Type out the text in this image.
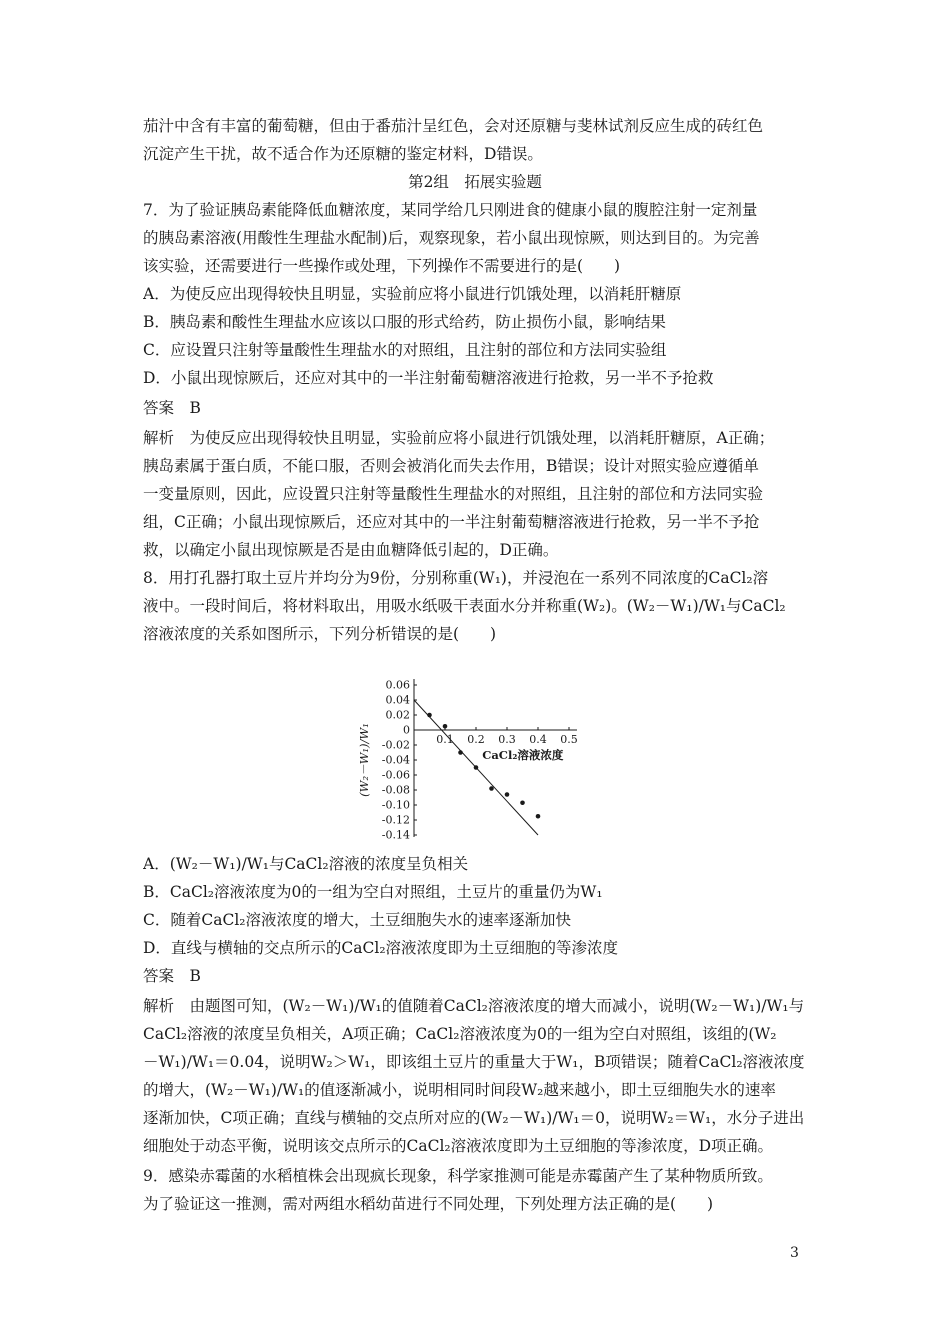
茄汁中含有丰富的葡萄糖，但由于番茄汁呈红色，会对还原糖与斐林试剂反应生成的砖红色
沉淀产生干扰，故不适合作为还原糖的鉴定材料，D错误。
第2组　拓展实验题
7．为了验证胰岛素能降低血糖浓度，某同学给几只刚进食的健康小鼠的腹腔注射一定剂量
的胰岛素溶液(用酸性生理盐水配制)后，观察现象，若小鼠出现惊厥，则达到目的。为完善
该实验，还需要进行一些操作或处理，下列操作不需要进行的是(　　)
A．为使反应出现得较快且明显，实验前应将小鼠进行饥饿处理，以消耗肝糖原
B．胰岛素和酸性生理盐水应该以口服的形式给药，防止损伤小鼠，影响结果
C．应设置只注射等量酸性生理盐水的对照组，且注射的部位和方法同实验组
D．小鼠出现惊厥后，还应对其中的一半注射葡萄糖溶液进行抢救，另一半不予抢救
答案　B
解析　为使反应出现得较快且明显，实验前应将小鼠进行饥饿处理，以消耗肝糖原，A正确；
胰岛素属于蛋白质，不能口服，否则会被消化而失去作用，B错误；设计对照实验应遵循单
一变量原则，因此，应设置只注射等量酸性生理盐水的对照组，且注射的部位和方法同实验
组，C正确；小鼠出现惊厥后，还应对其中的一半注射葡萄糖溶液进行抢救，另一半不予抢
救，以确定小鼠出现惊厥是否是由血糖降低引起的，D正确。
8．用打孔器打取土豆片并均分为9份，分别称重(W₁)，并浸泡在一系列不同浓度的CaCl₂溶
液中。一段时间后，将材料取出，用吸水纸吸干表面水分并称重(W₂)。(W₂－W₁)/W₁与CaCl₂
溶液浓度的关系如图所示，下列分析错误的是(　　)
0.06
0.04
0.02
0
-0.02
-0.04
-0.06
-0.08
-0.10
-0.12
-0.14
0.1 0.2 0.3 0.4 0.5
CaCl₂溶液浓度
(W₂－W₁)/W₁
A．(W₂－W₁)/W₁与CaCl₂溶液的浓度呈负相关
B．CaCl₂溶液浓度为0的一组为空白对照组，土豆片的重量仍为W₁
C．随着CaCl₂溶液浓度的增大，土豆细胞失水的速率逐渐加快
D．直线与横轴的交点所示的CaCl₂溶液浓度即为土豆细胞的等渗浓度
答案　B
解析　由题图可知，(W₂－W₁)/W₁的值随着CaCl₂溶液浓度的增大而减小，说明(W₂－W₁)/W₁与
CaCl₂溶液的浓度呈负相关，A项正确；CaCl₂溶液浓度为0的一组为空白对照组，该组的(W₂
－W₁)/W₁＝0.04，说明W₂＞W₁，即该组土豆片的重量大于W₁，B项错误；随着CaCl₂溶液浓度
的增大，(W₂－W₁)/W₁的值逐渐减小，说明相同时间段W₂越来越小，即土豆细胞失水的速率
逐渐加快，C项正确；直线与横轴的交点所对应的(W₂－W₁)/W₁＝0，说明W₂＝W₁，水分子进出
细胞处于动态平衡，说明该交点所示的CaCl₂溶液浓度即为土豆细胞的等渗浓度，D项正确。
9．感染赤霉菌的水稻植株会出现疯长现象，科学家推测可能是赤霉菌产生了某种物质所致。
为了验证这一推测，需对两组水稻幼苗进行不同处理，下列处理方法正确的是(　　)
3
